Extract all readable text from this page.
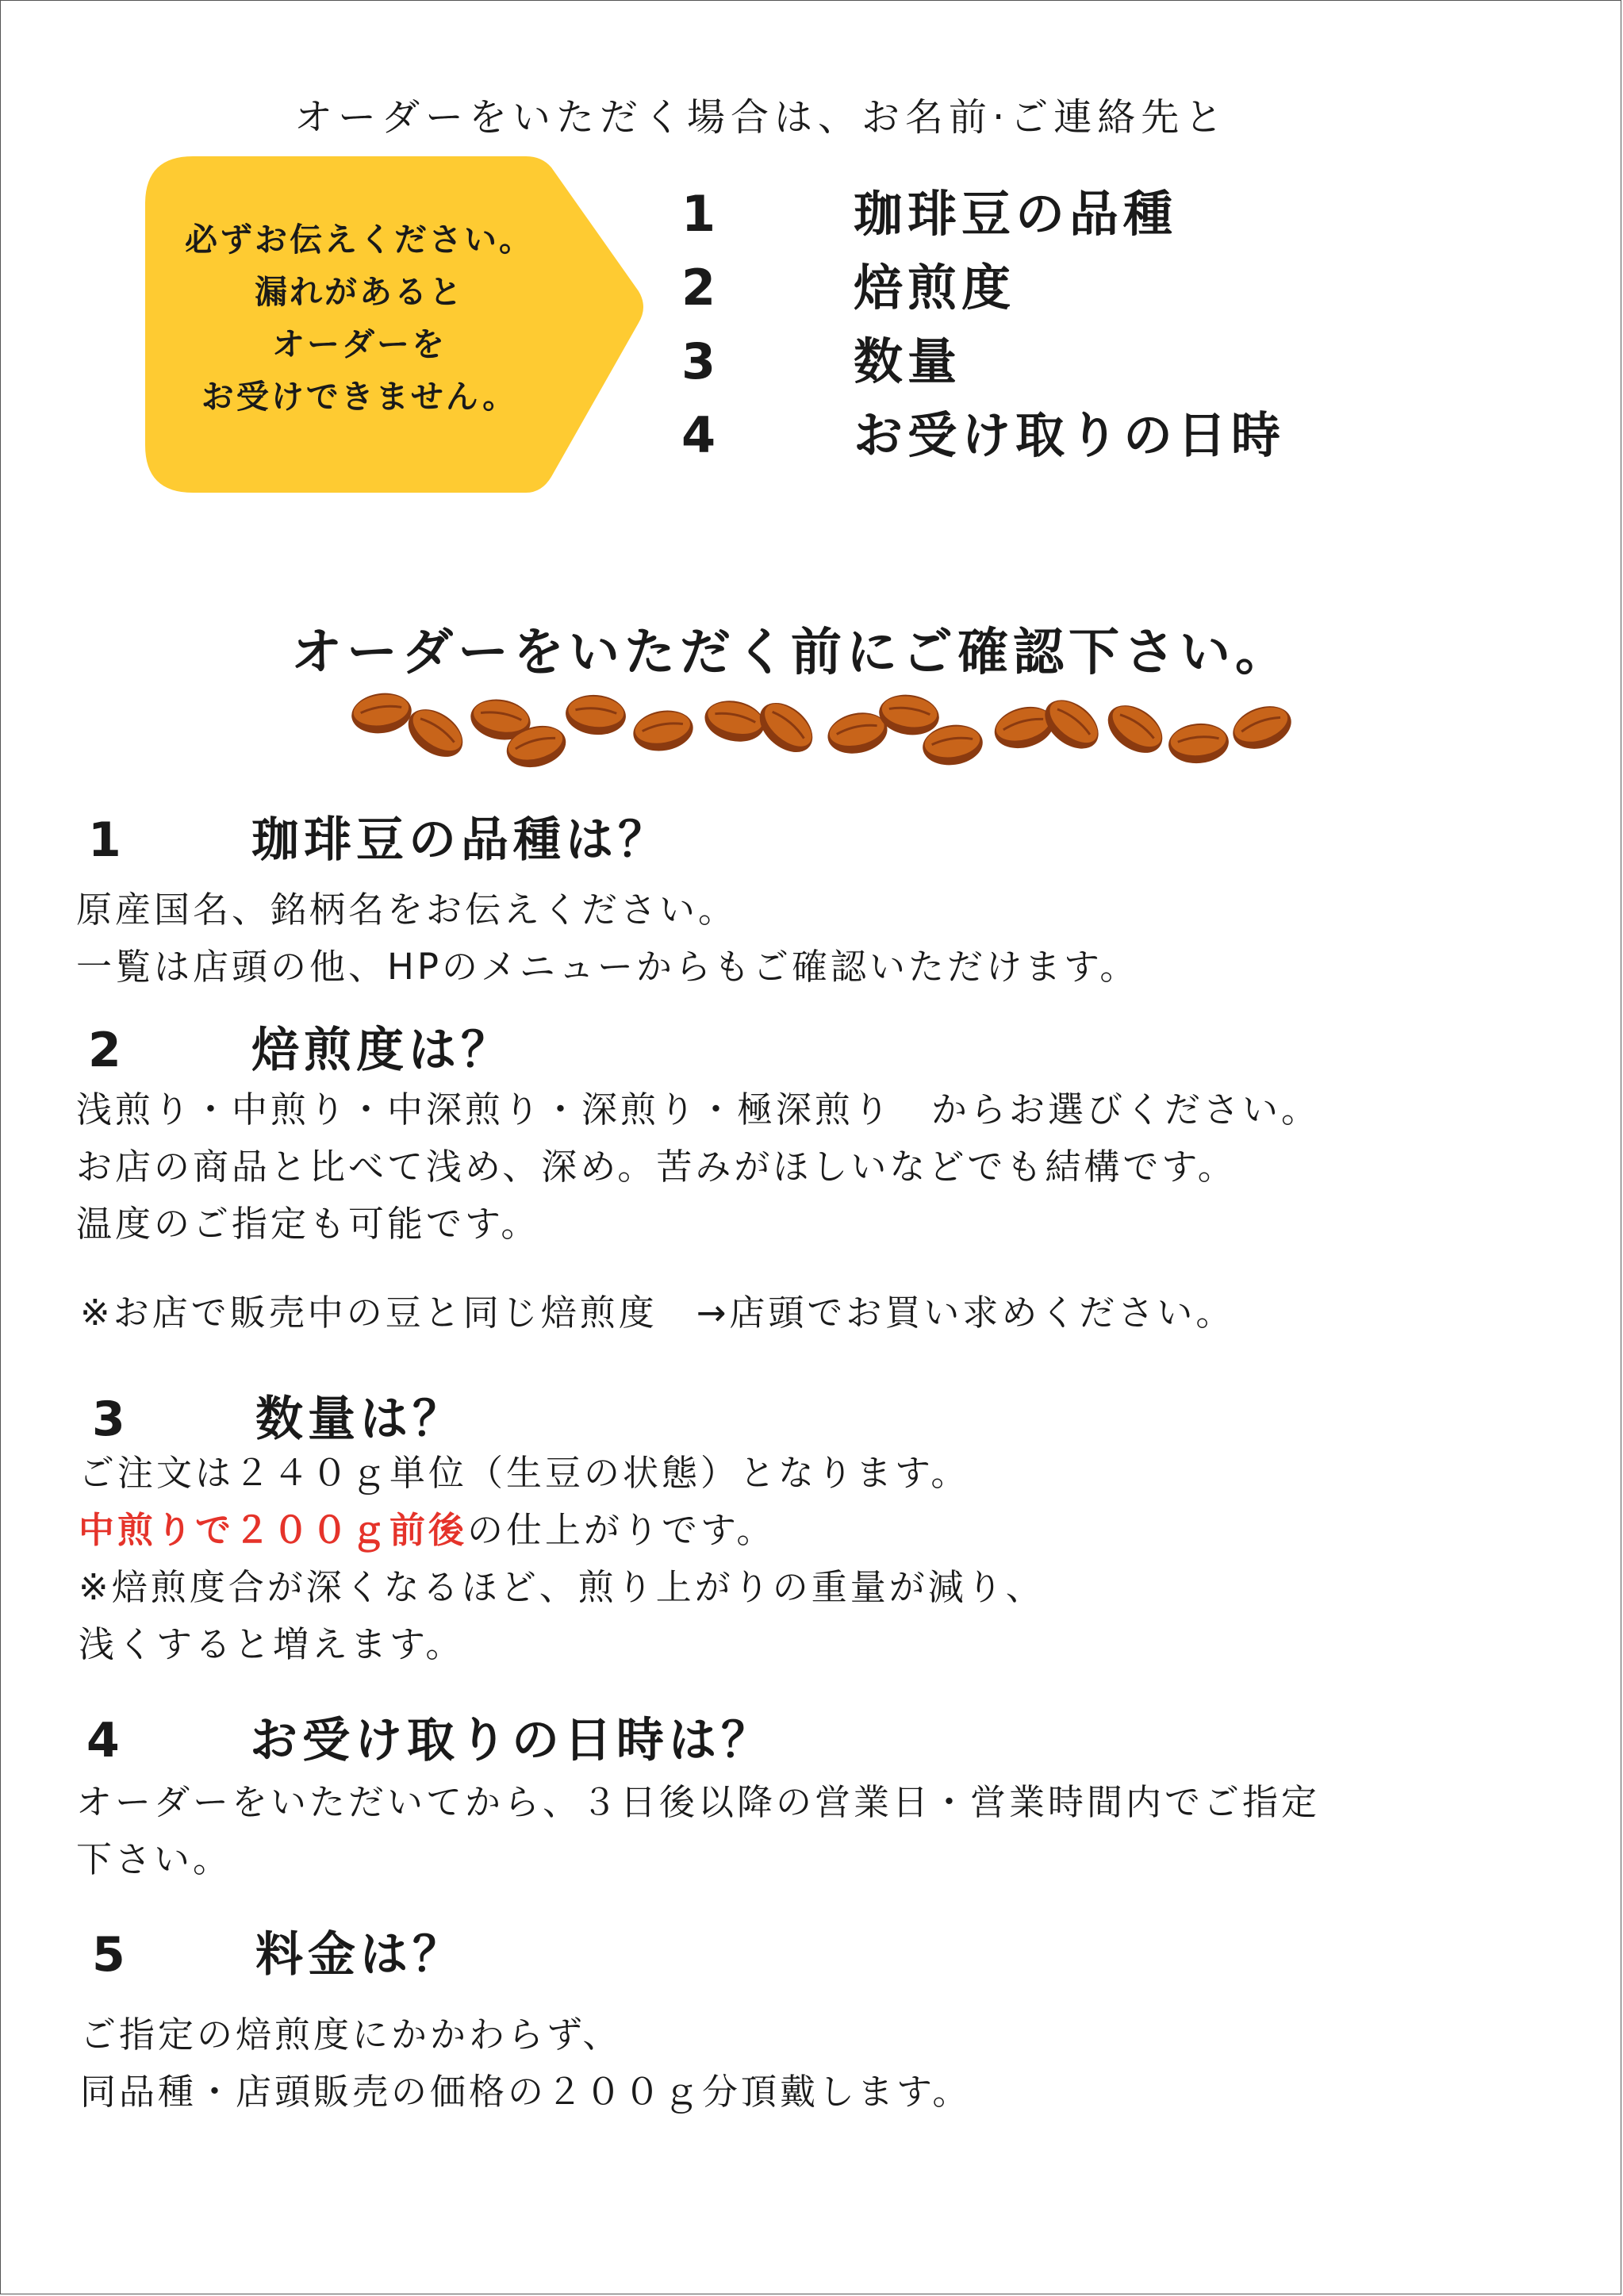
オーダーをいただく場合は、お名前·ご連絡先と
必ずお伝えください。
漏れがあると
オーダーを
お受けできません。
1	珈琲豆の品種
2	焙煎度
3	数量
4	お受け取りの日時
オーダーをいただく前にご確認下さい。
1	珈琲豆の品種は？
原産国名、銘柄名をお伝えください。
一覧は店頭の他、HPのメニューからもご確認いただけます。
2	焙煎度は？
浅煎り・中煎り・中深煎り・深煎り・極深煎り　からお選びください。
お店の商品と比べて浅め、深め。苦みがほしいなどでも結構です。
温度のご指定も可能です。
※お店で販売中の豆と同じ焙煎度　→店頭でお買い求めください。
3	数量は？
ご注文は２４０ｇ単位（生豆の状態）となります。
中煎りで２００ｇ前後の仕上がりです。
※焙煎度合が深くなるほど、煎り上がりの重量が減り、
浅くすると増えます。
4	お受け取りの日時は？
オーダーをいただいてから、３日後以降の営業日・営業時間内でご指定
下さい。
5	料金は？
ご指定の焙煎度にかかわらず、
同品種・店頭販売の価格の２００ｇ分頂戴します。
